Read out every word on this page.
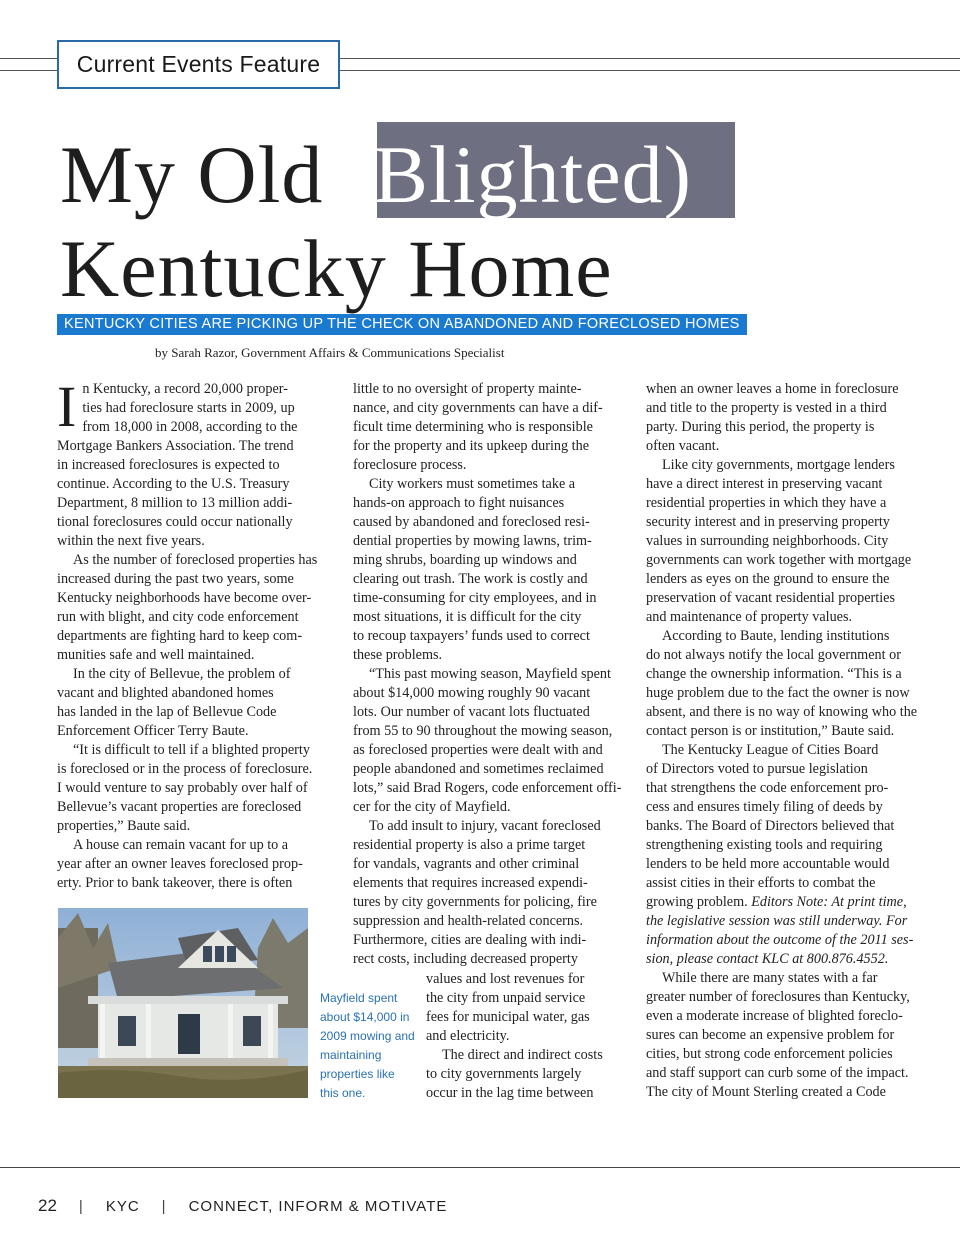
Current Events Feature
My Old (Blighted)
Kentucky Home
KENTUCKY CITIES ARE PICKING UP THE CHECK ON ABANDONED AND FORECLOSED HOMES
by Sarah Razor, Government Affairs & Communications Specialist
I n Kentucky, a record 20,000 proper-
ties had foreclosure starts in 2009, up
from 18,000 in 2008, according to the
Mortgage Bankers Association. The trend
in increased foreclosures is expected to
continue. According to the U.S. Treasury
Department, 8 million to 13 million addi-
tional foreclosures could occur nationally
within the next five years.
As the number of foreclosed properties has
increased during the past two years, some
Kentucky neighborhoods have become over-
run with blight, and city code enforcement
departments are fighting hard to keep com-
munities safe and well maintained.
In the city of Bellevue, the problem of
vacant and blighted abandoned homes
has landed in the lap of Bellevue Code
Enforcement Officer Terry Baute.
“It is difficult to tell if a blighted property
is foreclosed or in the process of foreclosure.
I would venture to say probably over half of
Bellevue’s vacant properties are foreclosed
properties,” Baute said.
A house can remain vacant for up to a
year after an owner leaves foreclosed prop-
erty. Prior to bank takeover, there is often
little to no oversight of property mainte-
nance, and city governments can have a dif-
ficult time determining who is responsible
for the property and its upkeep during the
foreclosure process.
City workers must sometimes take a
hands-on approach to fight nuisances
caused by abandoned and foreclosed resi-
dential properties by mowing lawns, trim-
ming shrubs, boarding up windows and
clearing out trash. The work is costly and
time-consuming for city employees, and in
most situations, it is difficult for the city
to recoup taxpayers’ funds used to correct
these problems.
“This past mowing season, Mayfield spent
about $14,000 mowing roughly 90 vacant
lots. Our number of vacant lots fluctuated
from 55 to 90 throughout the mowing season,
as foreclosed properties were dealt with and
people abandoned and sometimes reclaimed
lots,” said Brad Rogers, code enforcement offi-
cer for the city of Mayfield.
To add insult to injury, vacant foreclosed
residential property is also a prime target
for vandals, vagrants and other criminal
elements that requires increased expendi-
tures by city governments for policing, fire
suppression and health-related concerns.
Furthermore, cities are dealing with indi-
rect costs, including decreased property
values and lost revenues for
the city from unpaid service
fees for municipal water, gas
and electricity.
The direct and indirect costs
to city governments largely
occur in the lag time between
when an owner leaves a home in foreclosure
and title to the property is vested in a third
party. During this period, the property is
often vacant.
Like city governments, mortgage lenders
have a direct interest in preserving vacant
residential properties in which they have a
security interest and in preserving property
values in surrounding neighborhoods. City
governments can work together with mortgage
lenders as eyes on the ground to ensure the
preservation of vacant residential properties
and maintenance of property values.
According to Baute, lending institutions
do not always notify the local government or
change the ownership information. “This is a
huge problem due to the fact the owner is now
absent, and there is no way of knowing who the
contact person is or institution,” Baute said.
The Kentucky League of Cities Board
of Directors voted to pursue legislation
that strengthens the code enforcement pro-
cess and ensures timely filing of deeds by
banks. The Board of Directors believed that
strengthening existing tools and requiring
lenders to be held more accountable would
assist cities in their efforts to combat the
growing problem. Editors Note: At print time,
the legislative session was still underway. For
information about the outcome of the 2011 ses-
sion, please contact KLC at 800.876.4552.
While there are many states with a far
greater number of foreclosures than Kentucky,
even a moderate increase of blighted foreclo-
sures can become an expensive problem for
cities, but strong code enforcement policies
and staff support can curb some of the impact.
The city of Mount Sterling created a Code
Mayfield spent about $14,000 in 2009 mowing and maintaining properties like this one.
22 | KYC | CONNECT, INFORM & MOTIVATE
